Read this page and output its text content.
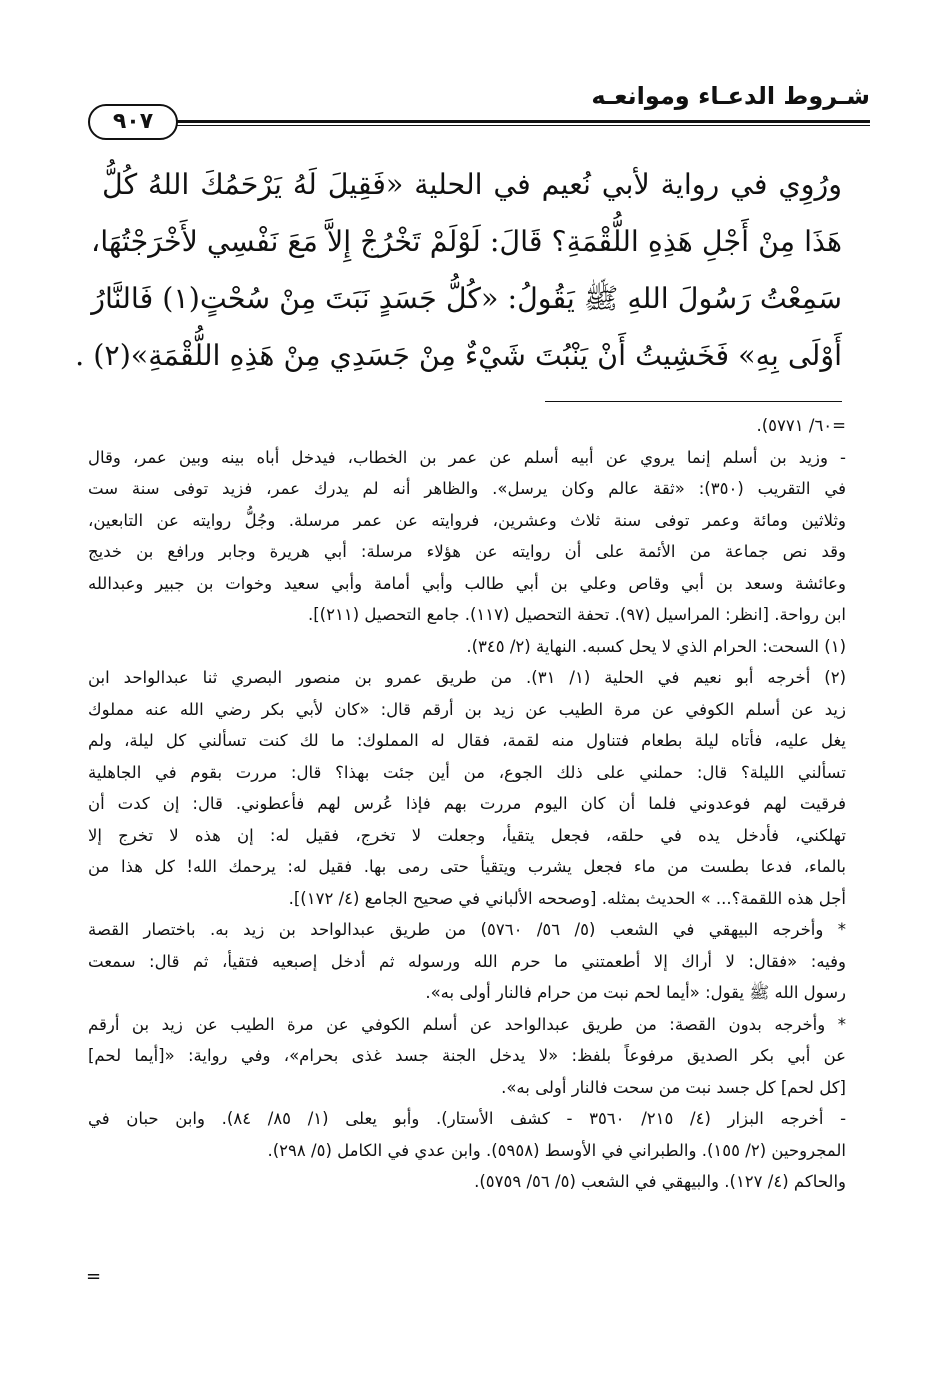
شـروط الدعـاء وموانعـه
٩٠٧
ورُوِي في رواية لأبي نُعيم في الحلية «فَقِيلَ لَهُ يَرْحَمُكَ اللهُ كُلُّ
هَذَا مِنْ أَجْلِ هَذِهِ اللُّقْمَةِ؟ قَالَ: لَوْلَمْ تَخْرُجْ إِلاَّ مَعَ نَفْسِي لأَخْرَجْتُهَا،
سَمِعْتُ رَسُولَ اللهِ ﷺ يَقُولُ: «كُلُّ جَسَدٍ نَبَتَ مِنْ سُحْتٍ(١) فَالنَّارُ
أَوْلَى بِهِ» فَخَشِيتُ أَنْ يَنْبُتَ شَيْءٌ مِنْ جَسَدِي مِنْ هَذِهِ اللُّقْمَةِ»(٢) .
=٦٠/ ٥٧٧١).
- وزيد بن أسلم إنما يروي عن أبيه أسلم عن عمر بن الخطاب، فيدخل أباه بينه وبين عمر، وقال
في التقريب (٣٥٠): «ثقة عالم وكان يرسل». والظاهر أنه لم يدرك عمر، فزيد توفى سنة ست
وثلاثين ومائة وعمر توفى سنة ثلاث وعشرين، فروايته عن عمر مرسلة. وجُلُّ روايته عن التابعين،
وقد نص جماعة من الأئمة على أن روايته عن هؤلاء مرسلة: أبي هريرة وجابر ورافع بن خديج
وعائشة وسعد بن أبي وقاص وعلي بن أبي طالب وأبي أمامة وأبي سعيد وخوات بن جبير وعبدالله
ابن رواحة. [انظر: المراسيل (٩٧). تحفة التحصيل (١١٧). جامع التحصيل (٢١١)].
(١) السحت: الحرام الذي لا يحل كسبه. النهاية (٢/ ٣٤٥).
(٢) أخرجه أبو نعيم في الحلية (١/ ٣١). من طريق عمرو بن منصور البصري ثنا عبدالواحد ابن
زيد عن أسلم الكوفي عن مرة الطيب عن زيد بن أرقم قال: «كان لأبي بكر رضي الله عنه مملوك
يغل عليه، فأتاه ليلة بطعام فتناول منه لقمة، فقال له المملوك: ما لك كنت تسألني كل ليلة، ولم
تسألني الليلة؟ قال: حملني على ذلك الجوع، من أين جئت بهذا؟ قال: مررت بقوم في الجاهلية
فرقيت لهم فوعدوني فلما أن كان اليوم مررت بهم فإذا عُرس لهم فأعطوني. قال: إن كدت أن
تهلكني، فأدخل يده في حلقه، فجعل يتقيأ، وجعلت لا تخرج، فقيل له: إن هذه لا تخرج إلا
بالماء، فدعا بطست من ماء فجعل يشرب ويتقيأ حتى رمى بها. فقيل له: يرحمك الله! كل هذا من
أجل هذه اللقمة؟... » الحديث بمثله. [وصححه الألباني في صحيح الجامع (٤/ ١٧٢)].
* وأخرجه البيهقي في الشعب (٥/ ٥٦/ ٥٧٦٠) من طريق عبدالواحد بن زيد به. باختصار القصة
وفيه: «فقال: لا أراك إلا أطعمتني ما حرم الله ورسوله ثم أدخل إصبعيه فتقيأ، ثم قال: سمعت
رسول الله ﷺ يقول: «أيما لحم نبت من حرام فالنار أولى به».
* وأخرجه بدون القصة: من طريق عبدالواحد عن أسلم الكوفي عن مرة الطيب عن زيد بن أرقم
عن أبي بكر الصديق مرفوعاً بلفظ: «لا يدخل الجنة جسد غذى بحرام»، وفي رواية: «[أيما لحم]
[كل لحم] كل جسد نبت من سحت فالنار أولى به».
- أخرجه البزار (٤/ ٢١٥/ ٣٥٦٠ - كشف الأستار). وأبو يعلى (١/ ٨٥/ ٨٤). وابن حبان في
المجروحين (٢/ ١٥٥). والطبراني في الأوسط (٥٩٥٨). وابن عدي في الكامل (٥/ ٢٩٨).
والحاكم (٤/ ١٢٧). والبيهقي في الشعب (٥/ ٥٦/ ٥٧٥٩).
=
